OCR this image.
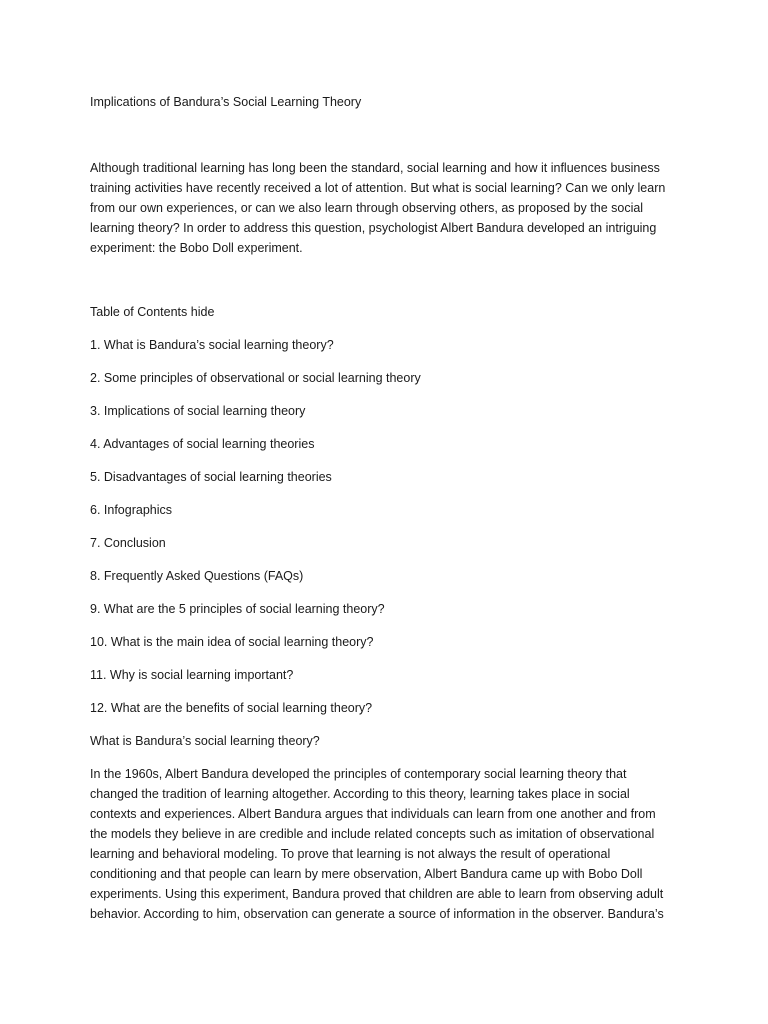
Implications of Bandura’s Social Learning Theory

Although traditional learning has long been the standard, social learning and how it influences business
training activities have recently received a lot of attention. But what is social learning? Can we only learn
from our own experiences, or can we also learn through observing others, as proposed by the social
learning theory? In order to address this question, psychologist Albert Bandura developed an intriguing
experiment: the Bobo Doll experiment.

Table of Contents hide

1. What is Bandura’s social learning theory?

2. Some principles of observational or social learning theory

3. Implications of social learning theory

4. Advantages of social learning theories

5. Disadvantages of social learning theories

6. Infographics

7. Conclusion

8. Frequently Asked Questions (FAQs)

9. What are the 5 principles of social learning theory?

10. What is the main idea of social learning theory?

11. Why is social learning important?

12. What are the benefits of social learning theory?

What is Bandura’s social learning theory?

In the 1960s, Albert Bandura developed the principles of contemporary social learning theory that
changed the tradition of learning altogether. According to this theory, learning takes place in social
contexts and experiences. Albert Bandura argues that individuals can learn from one another and from
the models they believe in are credible and include related concepts such as imitation of observational
learning and behavioral modeling. To prove that learning is not always the result of operational
conditioning and that people can learn by mere observation, Albert Bandura came up with Bobo Doll
experiments. Using this experiment, Bandura proved that children are able to learn from observing adult
behavior. According to him, observation can generate a source of information in the observer. Bandura’s
